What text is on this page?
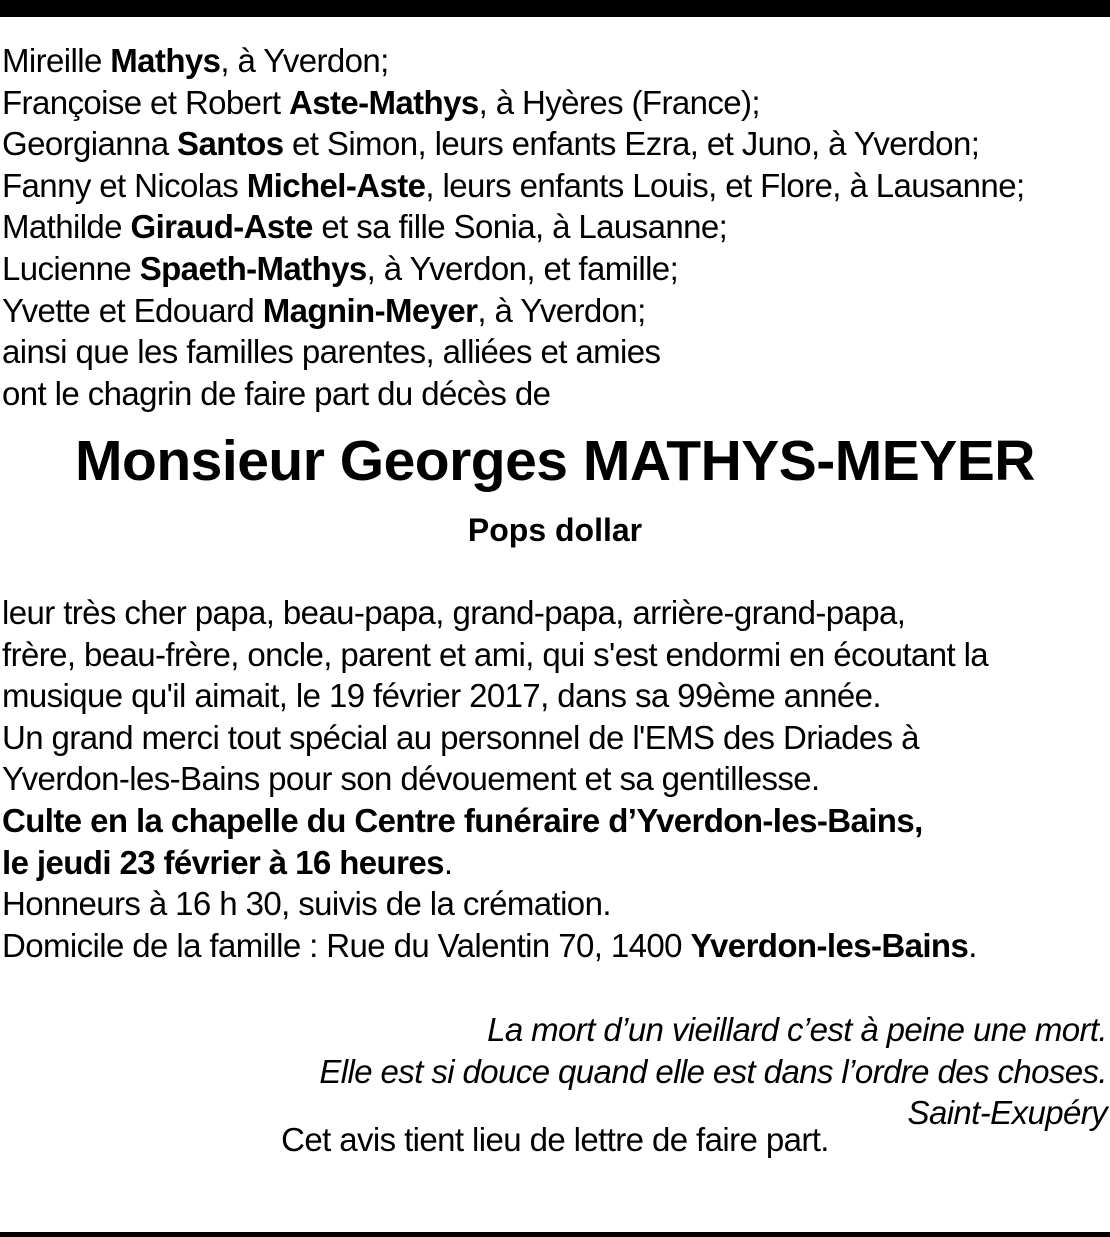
Mireille Mathys, à Yverdon;
Françoise et Robert Aste-Mathys, à Hyères (France);
Georgianna Santos et Simon, leurs enfants Ezra, et Juno, à Yverdon;
Fanny et Nicolas Michel-Aste, leurs enfants Louis, et Flore, à Lausanne;
Mathilde Giraud-Aste et sa fille Sonia, à Lausanne;
Lucienne Spaeth-Mathys, à Yverdon, et famille;
Yvette et Edouard Magnin-Meyer, à Yverdon;
ainsi que les familles parentes, alliées et amies
ont le chagrin de faire part du décès de
Monsieur Georges MATHYS-MEYER
Pops dollar
leur très cher papa, beau-papa, grand-papa, arrière-grand-papa,
frère, beau-frère, oncle, parent et ami, qui s'est endormi en écoutant la
musique qu'il aimait, le 19 février 2017, dans sa 99ème année.
Un grand merci tout spécial au personnel de l'EMS des Driades à
Yverdon-les-Bains pour son dévouement et sa gentillesse.
Culte en la chapelle du Centre funéraire d’Yverdon-les-Bains,
le jeudi 23 février à 16 heures.
Honneurs à 16 h 30, suivis de la crémation.
Domicile de la famille : Rue du Valentin 70, 1400 Yverdon-les-Bains.
La mort d’un vieillard c’est à peine une mort.
Elle est si douce quand elle est dans l’ordre des choses.
Saint-Exupéry
Cet avis tient lieu de lettre de faire part.
